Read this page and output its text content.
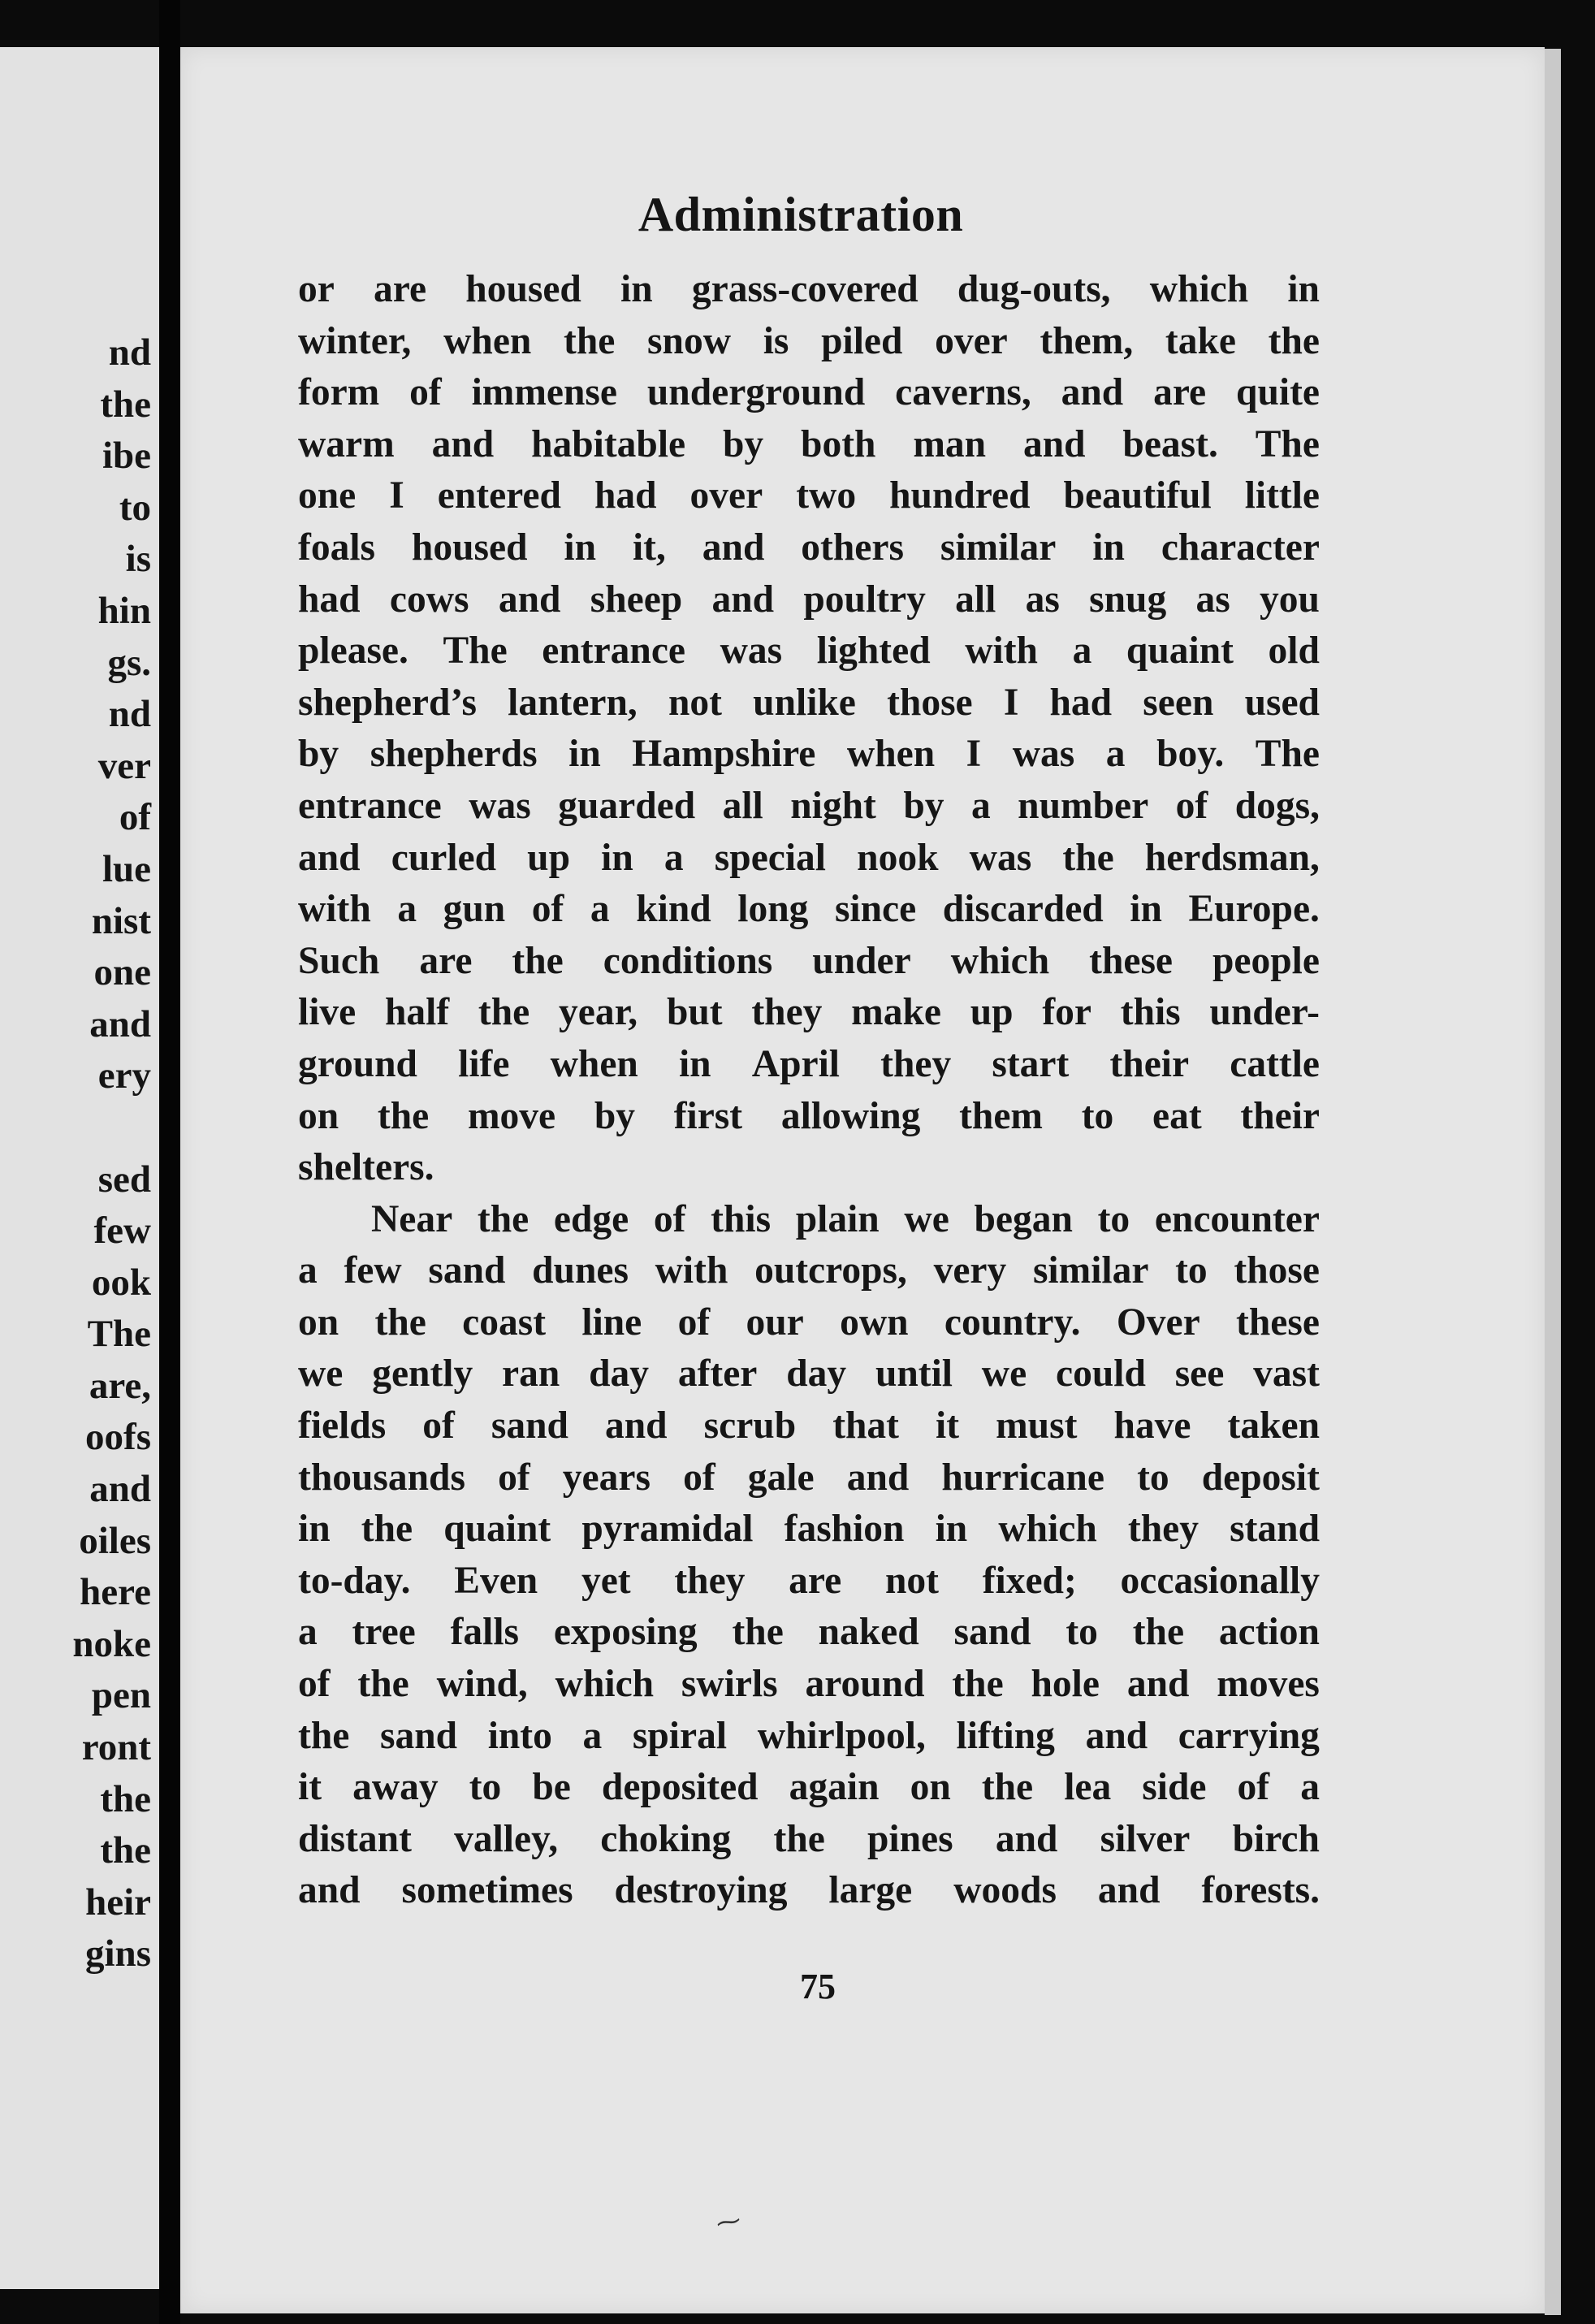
nd
the
ibe
to
is
hin
gs.
nd
ver
of
lue
nist
one
and
ery
sed
few
ook
The
are,
oofs
and
oiles
here
noke
pen
ront
the
the
heir
gins
Administration
or are housed in grass-covered dug-outs, which in
winter, when the snow is piled over them, take the
form of immense underground caverns, and are quite
warm and habitable by both man and beast. The
one I entered had over two hundred beautiful little
foals housed in it, and others similar in character
had cows and sheep and poultry all as snug as you
please. The entrance was lighted with a quaint old
shepherd’s lantern, not unlike those I had seen used
by shepherds in Hampshire when I was a boy. The
entrance was guarded all night by a number of dogs,
and curled up in a special nook was the herdsman,
with a gun of a kind long since discarded in Europe.
Such are the conditions under which these people
live half the year, but they make up for this under-
ground life when in April they start their cattle
on the move by first allowing them to eat their
shelters.
Near the edge of this plain we began to encounter
a few sand dunes with outcrops, very similar to those
on the coast line of our own country. Over these
we gently ran day after day until we could see vast
fields of sand and scrub that it must have taken
thousands of years of gale and hurricane to deposit
in the quaint pyramidal fashion in which they stand
to-day. Even yet they are not fixed; occasionally
a tree falls exposing the naked sand to the action
of the wind, which swirls around the hole and moves
the sand into a spiral whirlpool, lifting and carrying
it away to be deposited again on the lea side of a
distant valley, choking the pines and silver birch
and sometimes destroying large woods and forests.
75
⁓
